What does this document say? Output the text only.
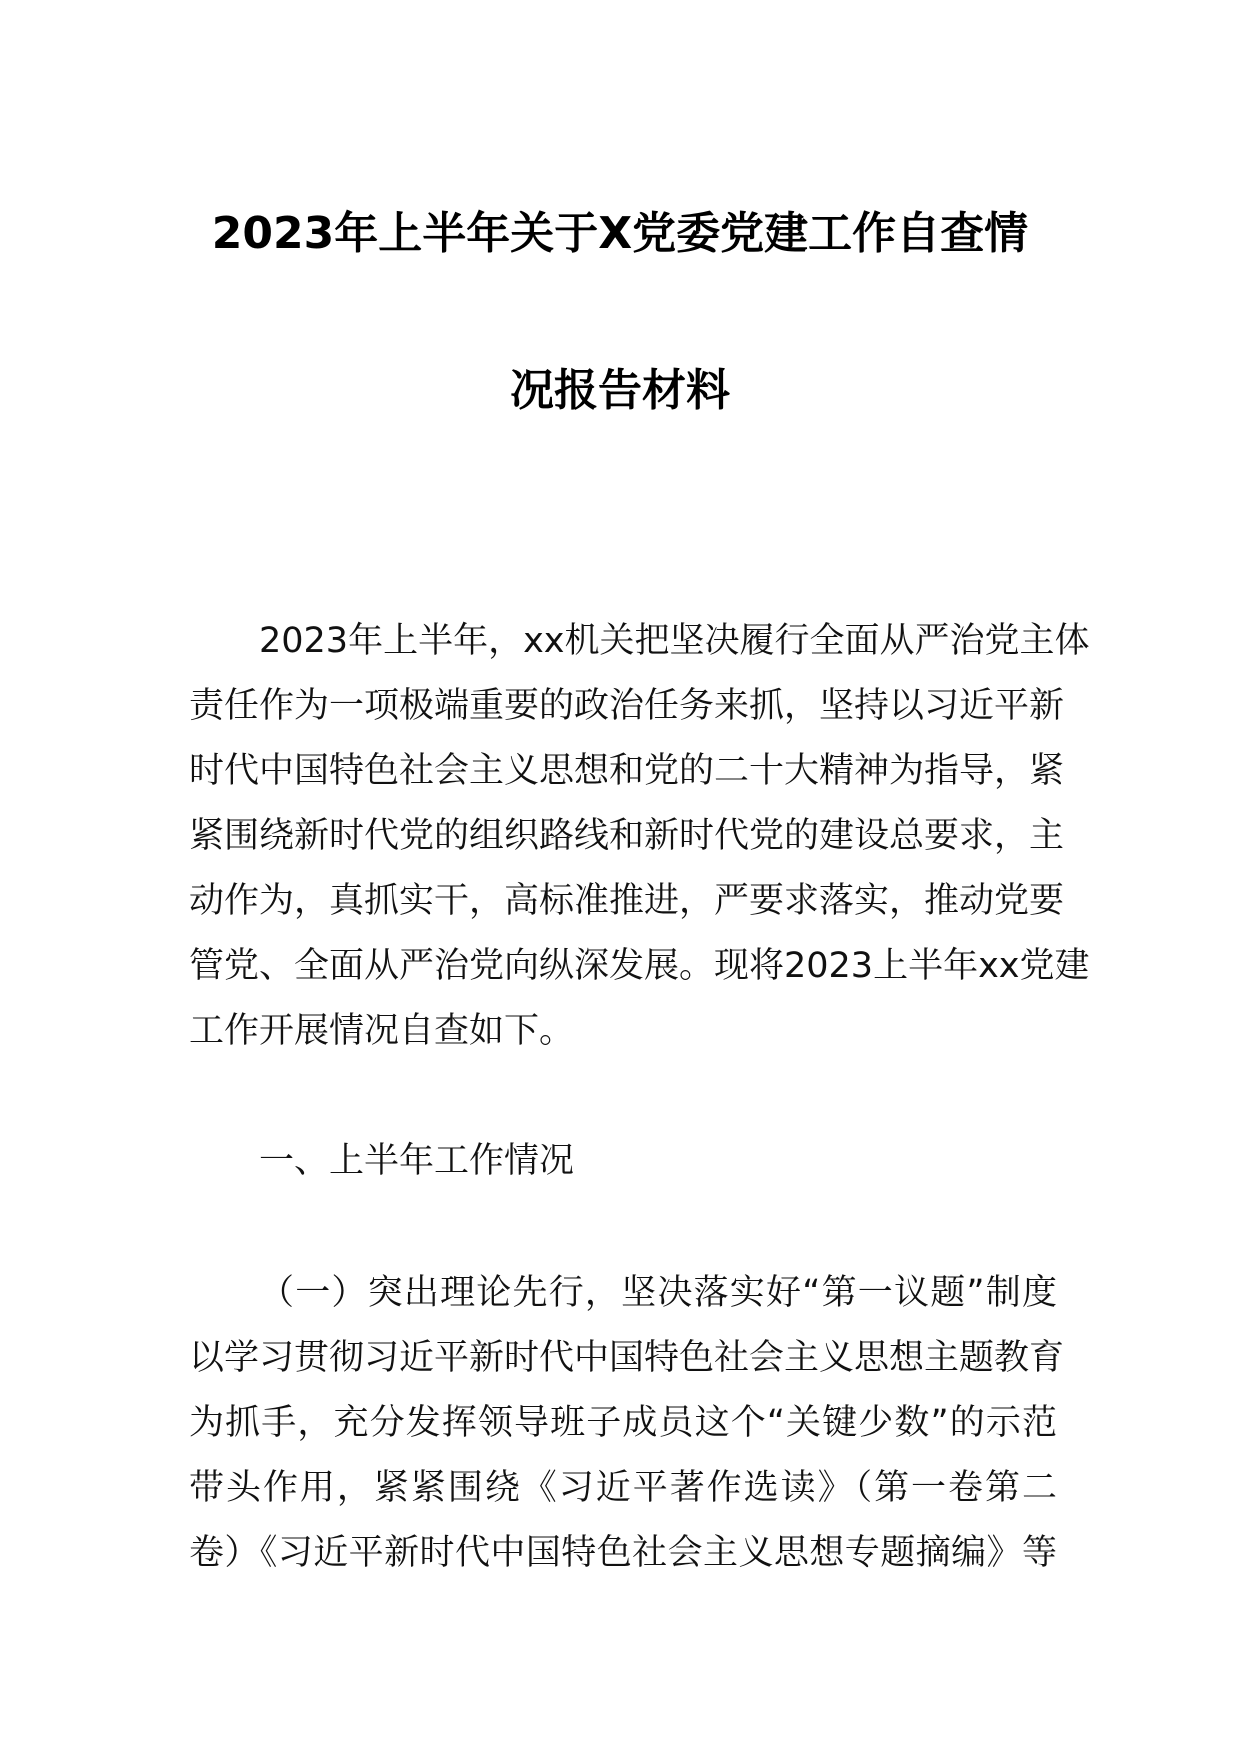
2023年上半年关于X党委党建工作自查情
况报告材料
2023年上半年，xx机关把坚决履行全面从严治党主体
责任作为一项极端重要的政治任务来抓，坚持以习近平新
时代中国特色社会主义思想和党的二十大精神为指导，紧
紧围绕新时代党的组织路线和新时代党的建设总要求，主
动作为，真抓实干，高标准推进，严要求落实，推动党要
管党、全面从严治党向纵深发展。现将2023上半年xx党建
工作开展情况自查如下。
一、上半年工作情况
（一）突出理论先行，坚决落实好“第一议题”制度
以学习贯彻习近平新时代中国特色社会主义思想主题教育
为抓手，充分发挥领导班子成员这个“关键少数”的示范
带头作用，紧紧围绕《习近平著作选读》（第一卷第二
卷）《习近平新时代中国特色社会主义思想专题摘编》等
